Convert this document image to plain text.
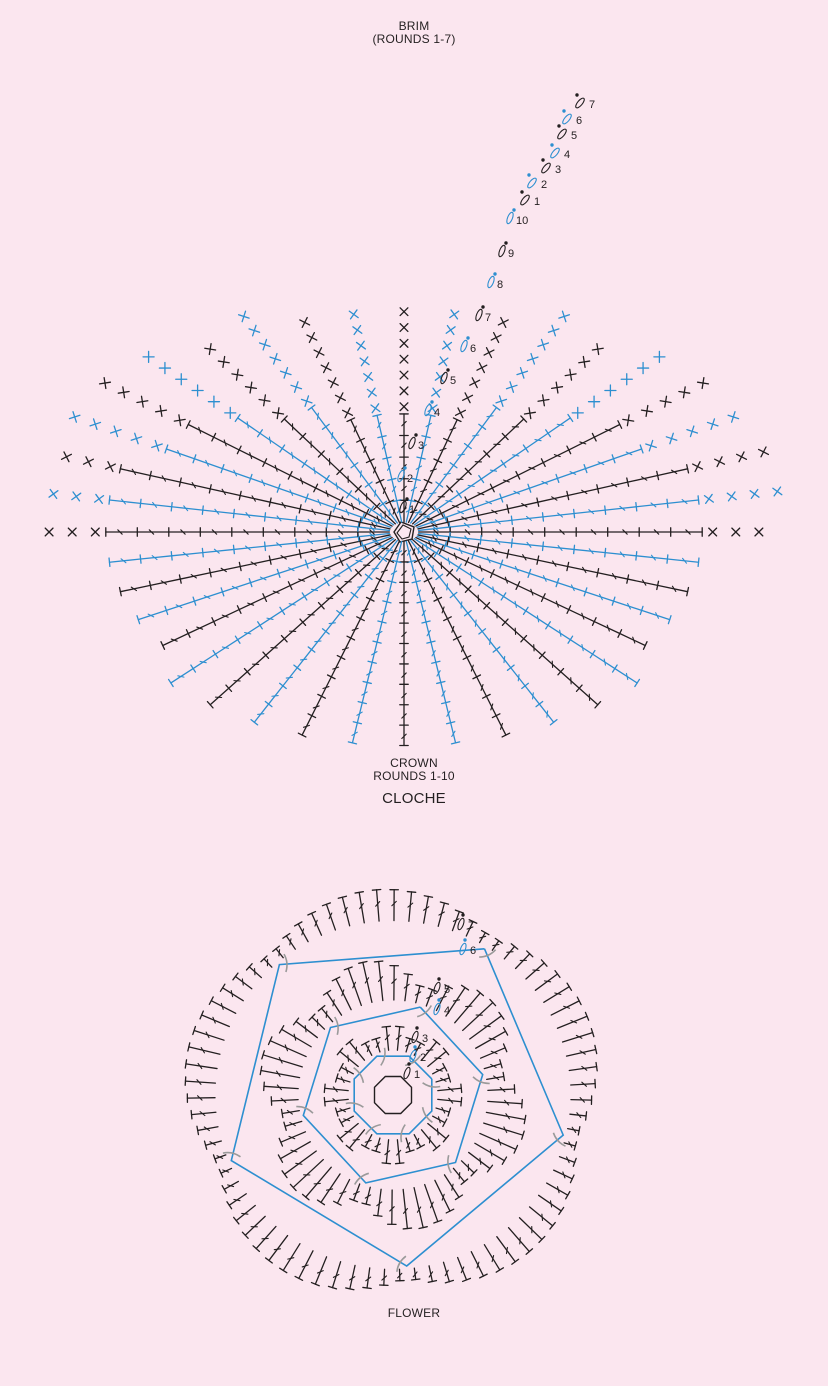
BRIM
(ROUNDS 1-7)
CROWN
ROUNDS 1-10
CLOCHE
FLOWER
1
2
3
4
5
6
7
8
9
10
1
2
3
4
5
6
7
1
2
3
4
5
6
7
